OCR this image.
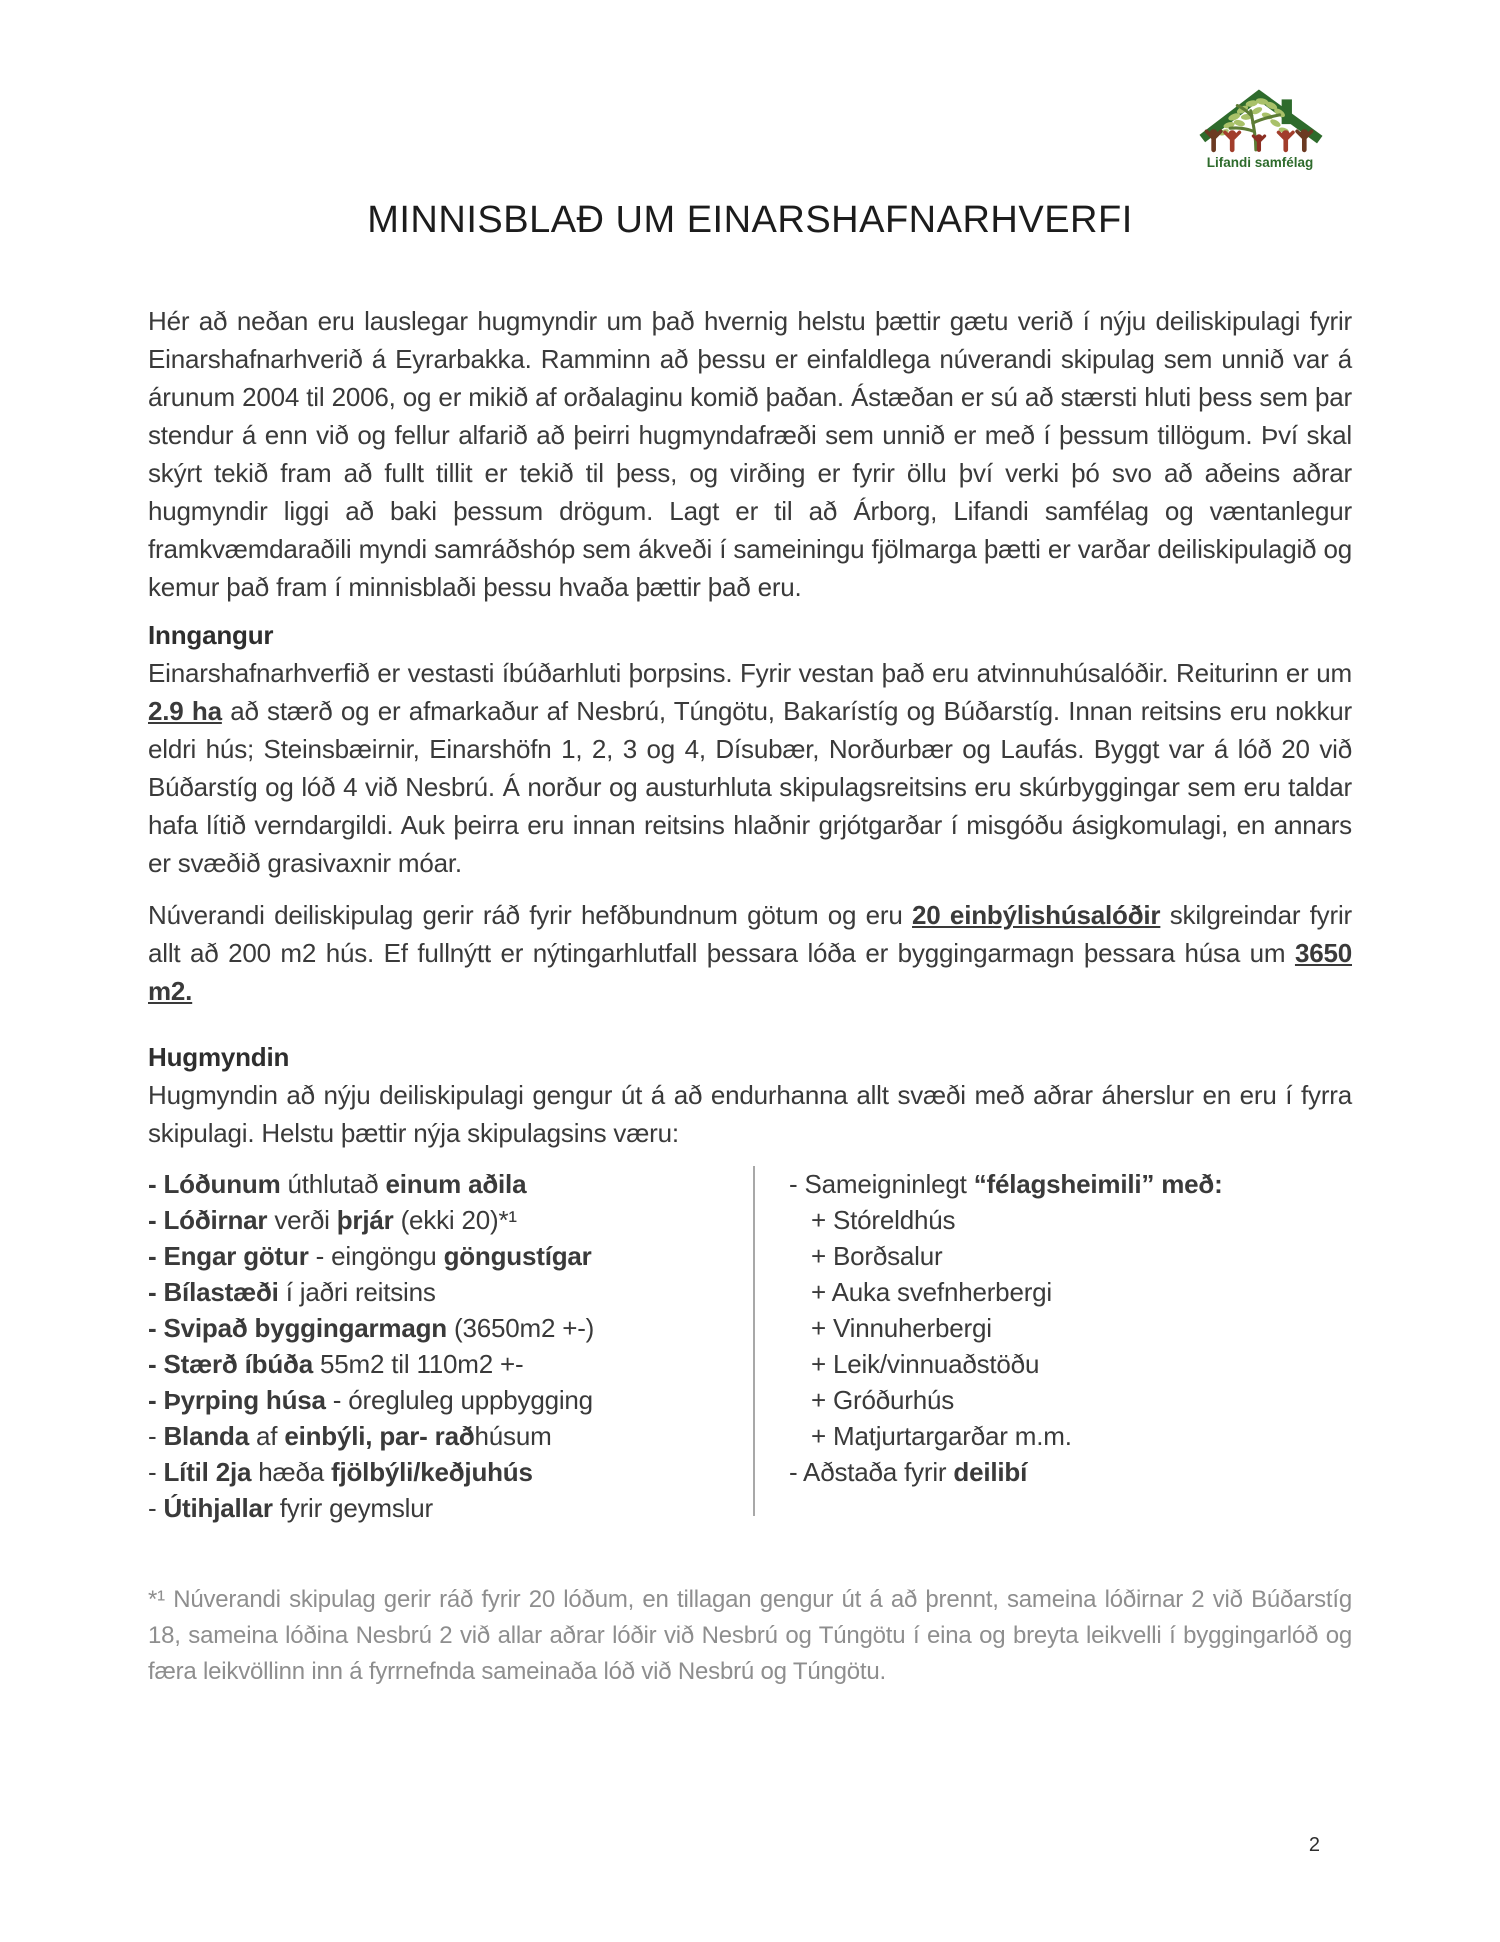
Lifandi samfélag
MINNISBLAÐ UM EINARSHAFNARHVERFI

Hér að neðan eru lauslegar hugmyndir um það hvernig helstu þættir gætu verið í nýju deiliskipulagi fyrir Einarshafnarhverið á Eyrarbakka. Ramminn að þessu er einfaldlega núverandi skipulag sem unnið var á árunum 2004 til 2006, og er mikið af orðalaginu komið þaðan. Ástæðan er sú að stærsti hluti þess sem þar stendur á enn við og fellur alfarið að þeirri hugmyndafræði sem unnið er með í þessum tillögum. Því skal skýrt tekið fram að fullt tillit er tekið til þess, og virðing er fyrir öllu því verki þó svo að aðeins aðrar hugmyndir liggi að baki þessum drögum. Lagt er til að Árborg, Lifandi samfélag og væntanlegur framkvæmdaraðili myndi samráðshóp sem ákveði í sameiningu fjölmarga þætti er varðar deiliskipulagið og kemur það fram í minnisblaði þessu hvaða þættir það eru.

Inngangur

Einarshafnarhverfið er vestasti íbúðarhluti þorpsins. Fyrir vestan það eru atvinnuhúsalóðir. Reiturinn er um 2.9 ha að stærð og er afmarkaður af Nesbrú, Túngötu, Bakarístíg og Búðarstíg. Innan reitsins eru nokkur eldri hús; Steinsbæirnir, Einarshöfn 1, 2, 3 og 4, Dísubær, Norðurbær og Laufás. Byggt var á lóð 20 við Búðarstíg og lóð 4 við Nesbrú. Á norður og austurhluta skipulagsreitsins eru skúrbyggingar sem eru taldar hafa lítið verndargildi. Auk þeirra eru innan reitsins hlaðnir grjótgarðar í misgóðu ásigkomulagi, en annars er svæðið grasivaxnir móar.

Núverandi deiliskipulag gerir ráð fyrir hefðbundnum götum og eru 20 einbýlishúsalóðir skilgreindar fyrir allt að 200 m2 hús. Ef fullnýtt er nýtingarhlutfall þessara lóða er byggingarmagn þessara húsa um 3650 m2.

Hugmyndin

Hugmyndin að nýju deiliskipulagi gengur út á að endurhanna allt svæði með aðrar áherslur en eru í fyrra skipulagi. Helstu þættir nýja skipulagsins væru:

- Lóðunum úthlutað einum aðila
- Lóðirnar verði þrjár (ekki 20)*¹
- Engar götur - eingöngu göngustígar
- Bílastæði í jaðri reitsins
- Svipað byggingarmagn (3650m2 +-)
- Stærð íbúða 55m2 til 110m2 +-
- Þyrping húsa - óregluleg uppbygging
- Blanda af einbýli, par- raðhúsum
- Lítil 2ja hæða fjölbýli/keðjuhús
- Útihjallar fyrir geymslur
- Sameigninlegt “félagsheimili” með:
+ Stóreldhús
+ Borðsalur
+ Auka svefnherbergi
+ Vinnuherbergi
+ Leik/vinnuaðstöðu
+ Gróðurhús
+ Matjurtargarðar m.m.
- Aðstaða fyrir deilibí

*¹ Núverandi skipulag gerir ráð fyrir 20 lóðum, en tillagan gengur út á að þrennt, sameina lóðirnar 2 við Búðarstíg 18, sameina lóðina Nesbrú 2 við allar aðrar lóðir við Nesbrú og Túngötu í eina og breyta leikvelli í byggingarlóð og færa leikvöllinn inn á fyrrnefnda sameinaða lóð við Nesbrú og Túngötu.

2
